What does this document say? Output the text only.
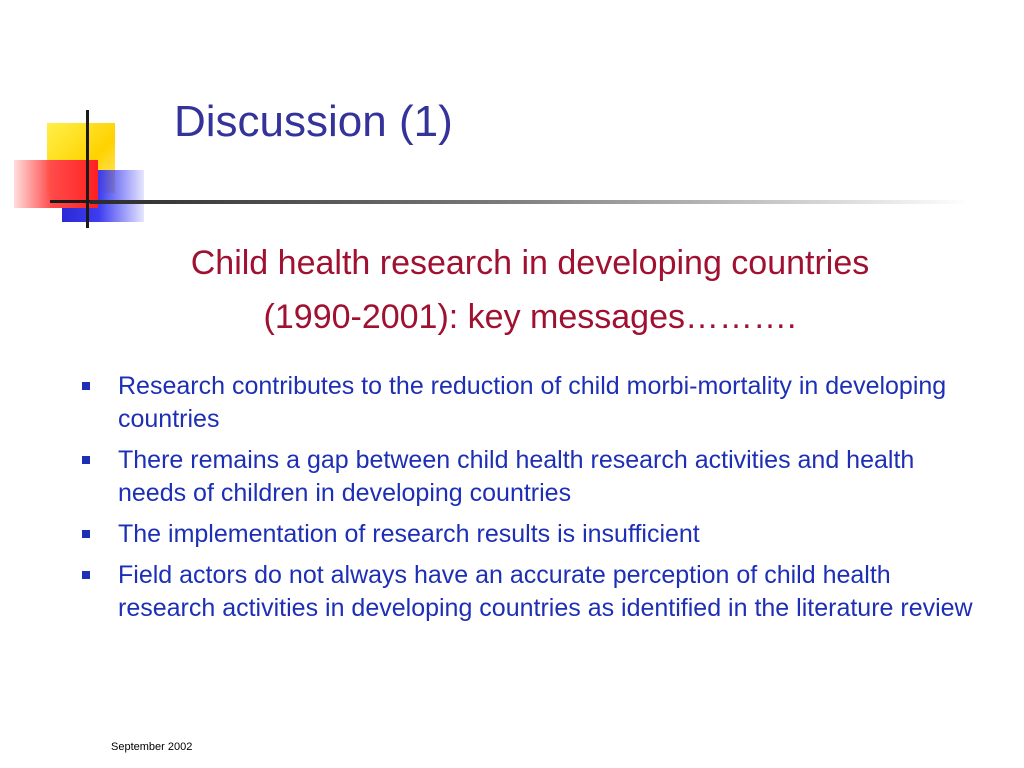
Discussion (1)
Child health research in developing countries
(1990-2001): key messages……….
Research contributes to the reduction of child morbi-mortality in developing countries
There remains a gap between child health research activities and health needs of children in developing countries
The implementation of research results is insufficient
Field actors do not always have an accurate perception of child health research activities in developing countries as identified in the literature review
September 2002
